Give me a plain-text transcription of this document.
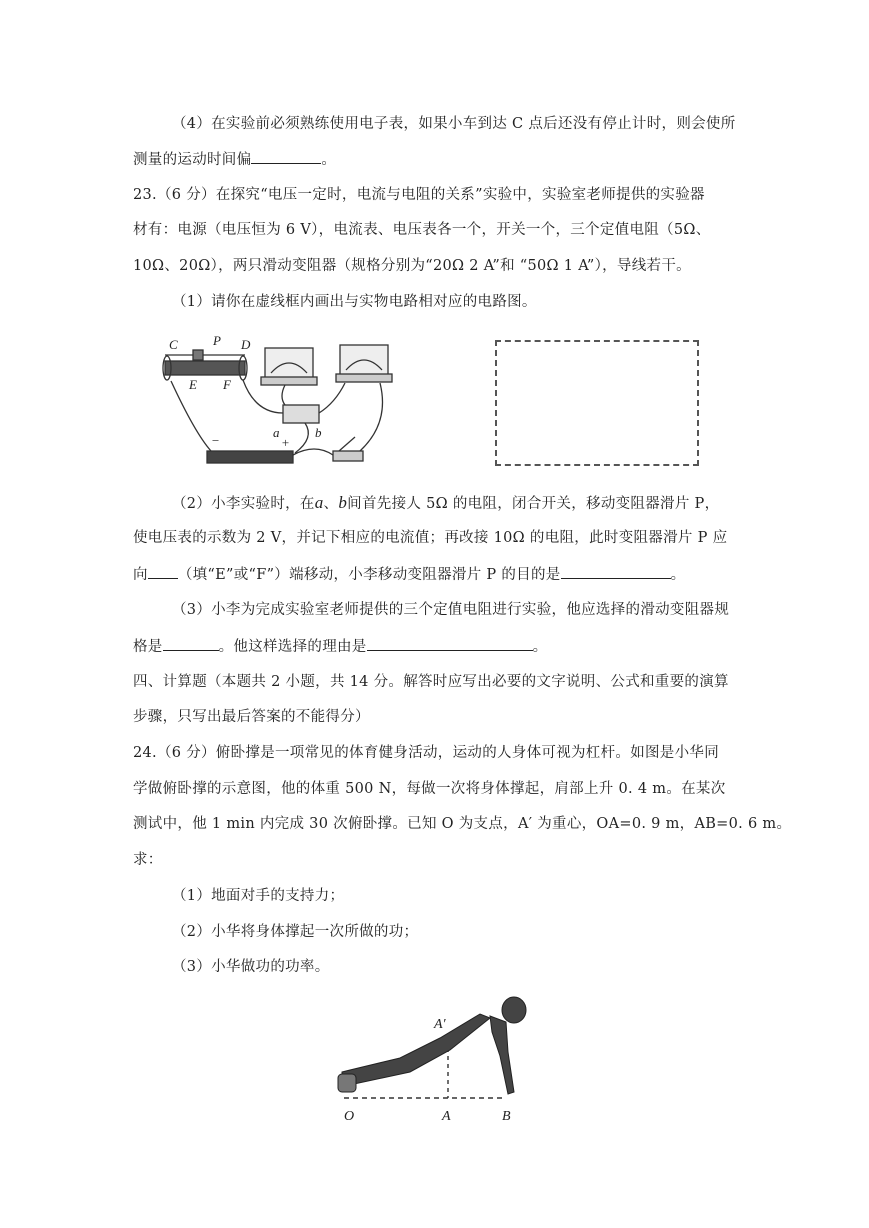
（4）在实验前必须熟练使用电子表，如果小车到达 C 点后还没有停止计时，则会使所
测量的运动时间偏	。
23.（6 分）在探究“电压一定时，电流与电阻的关系”实验中，实验室老师提供的实验器
材有：电源（电压恒为 6 V），电流表、电压表各一个，开关一个，三个定值电阻（5Ω、
10Ω、20Ω），两只滑动变阻器（规格分别为“20Ω 2 A”和 “50Ω 1 A”），导线若干。
（1）请你在虚线框内画出与实物电路相对应的电路图。
C	P D
E F
a	b
−	+
（2）小李实验时，在a、b间首先接人 5Ω 的电阻，闭合开关，移动变阻器滑片 P，
使电压表的示数为 2 V，并记下相应的电流值；再改接 10Ω 的电阻，此时变阻器滑片 P 应
向 （填“E”或“F”）端移动，小李移动变阻器滑片 P 的目的是	。
（3）小李为完成实验室老师提供的三个定值电阻进行实验，他应选择的滑动变阻器规
格是	。他这样选择的理由是	。
四、计算题（本题共 2 小题，共 14 分。解答时应写出必要的文字说明、公式和重要的演算
步骤，只写出最后答案的不能得分）
24.（6 分）俯卧撑是一项常见的体育健身活动，运动的人身体可视为杠杆。如图是小华同
学做俯卧撑的示意图，他的体重 500 N，每做一次将身体撑起，肩部上升 0. 4 m。在某次
测试中，他 1 min 内完成 30 次俯卧撑。已知 O 为支点，A′ 为重心，OA=0. 9 m，AB=0. 6 m。
求：
（1）地面对手的支持力；
（2）小华将身体撑起一次所做的功；
（3）小华做功的功率。
A′
O	A	B
